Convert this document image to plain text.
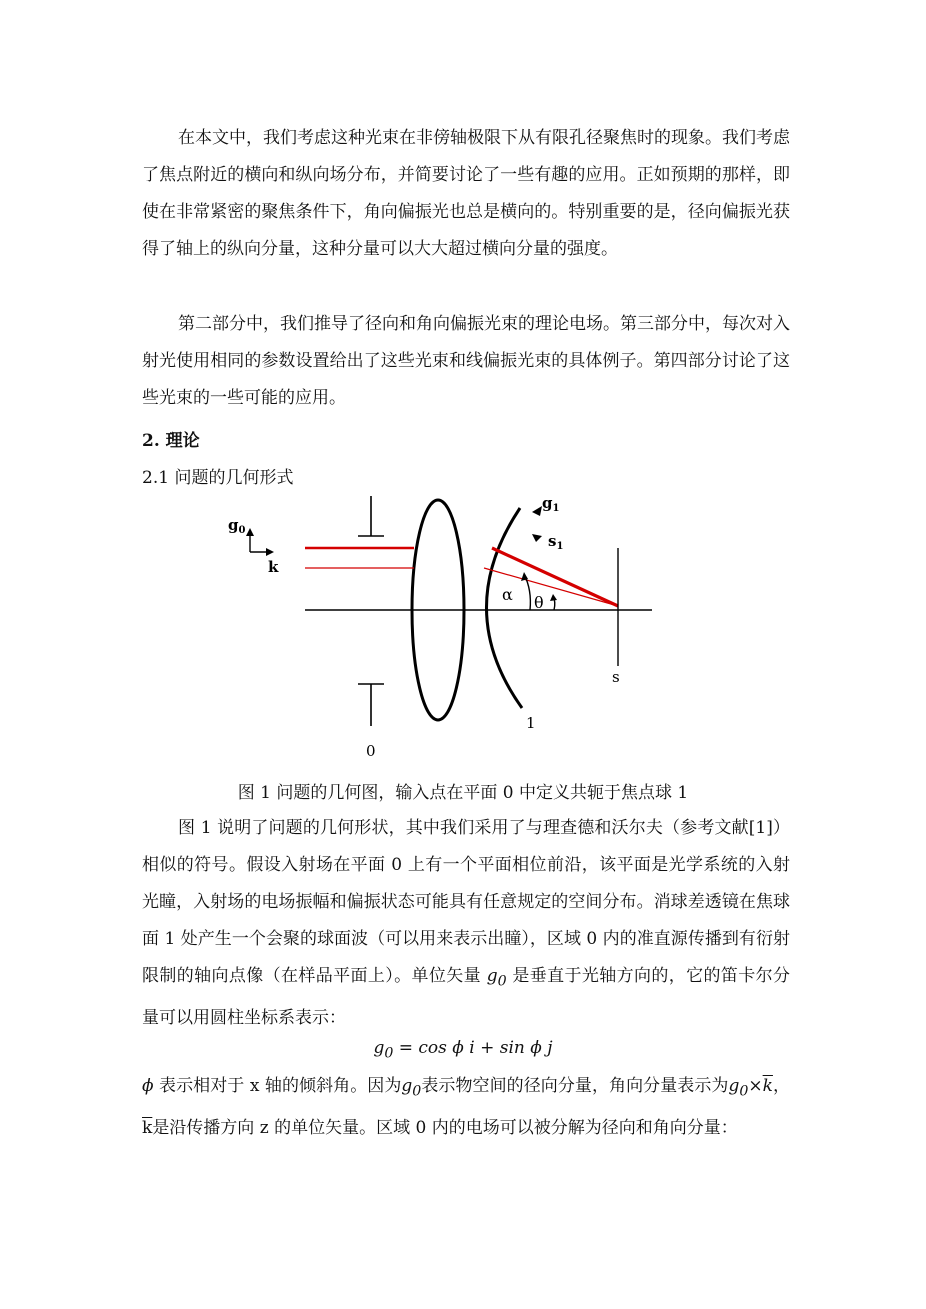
在本文中，我们考虑这种光束在非傍轴极限下从有限孔径聚焦时的现象。我们考虑了焦点附近的横向和纵向场分布，并简要讨论了一些有趣的应用。正如预期的那样，即使在非常紧密的聚焦条件下，角向偏振光也总是横向的。特别重要的是，径向偏振光获得了轴上的纵向分量，这种分量可以大大超过横向分量的强度。

第二部分中，我们推导了径向和角向偏振光束的理论电场。第三部分中，每次对入射光使用相同的参数设置给出了这些光束和线偏振光束的具体例子。第四部分讨论了这些光束的一些可能的应用。

2. 理论

2.1 问题的几何形式

$g_0$
k
$g_1$
$s_1$
α θ
s
1
0

图 1 问题的几何图，输入点在平面 0 中定义共轭于焦点球 1

图 1 说明了问题的几何形状，其中我们采用了与理查德和沃尔夫（参考文献[1]）相似的符号。假设入射场在平面 0 上有一个平面相位前沿，该平面是光学系统的入射光瞳，入射场的电场振幅和偏振状态可能具有任意规定的空间分布。消球差透镜在焦球面 1 处产生一个会聚的球面波（可以用来表示出瞳），区域 0 内的准直源传播到有衍射限制的轴向点像（在样品平面上）。单位矢量 $g_0$ 是垂直于光轴方向的，它的笛卡尔分量可以用圆柱坐标系表示：

$g_0 = \cos \phi$ i + sin ϕ j

ϕ 表示相对于 x 轴的倾斜角。因为$g_0$表示物空间的径向分量，角向分量表示为$g_0\times\overline{k}$，$\overline{k}$是沿传播方向 z 的单位矢量。区域 0 内的电场可以被分解为径向和角向分量：
